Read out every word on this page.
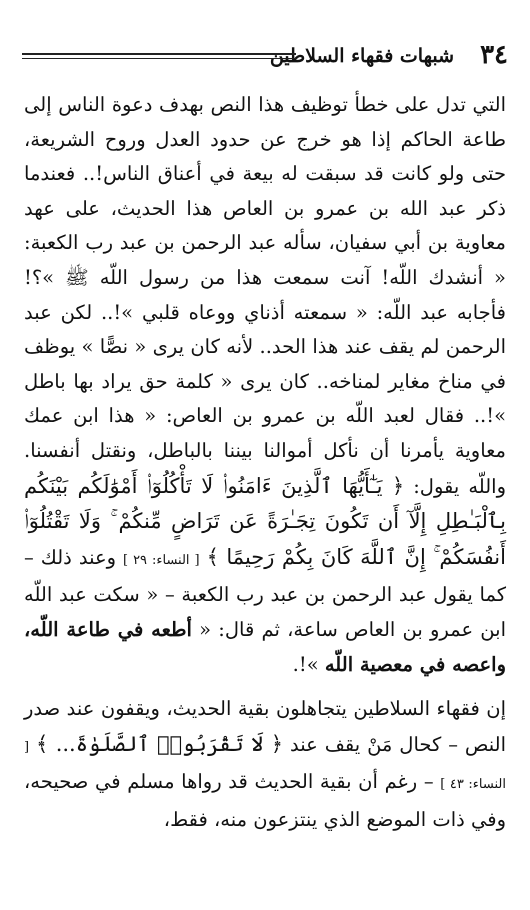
٣٤
شبهات فقهاء السلاطين

التي تدل على خطأ توظيف هذا النص بهدف دعوة الناس إلى طاعة الحاكم إذا هو خرج عن حدود العدل وروح الشريعة، حتى ولو كانت قد سبقت له بيعة في أعناق الناس!.. فعندما ذكر عبد الله بن عمرو بن العاص هذا الحديث، على عهد معاوية بن أبي سفيان، سأله عبد الرحمن بن عبد رب الكعبة: « أنشدك اللّه! آنت سمعت هذا من رسول اللّه ﷺ »؟! فأجابه عبد اللّه: « سمعته أذناي ووعاه قلبي »!.. لكن عبد الرحمن لم يقف عند هذا الحد.. لأنه كان يرى « نصًّا » يوظف في مناخ مغاير لمناخه.. كان يرى « كلمة حق يراد بها باطل »!.. فقال لعبد اللّه بن عمرو بن العاص: « هذا ابن عمك معاوية يأمرنا أن نأكل أموالنا بيننا بالباطل، ونقتل أنفسنا. واللّه يقول: ﴿ يَـٰٓأَيُّهَا ٱلَّذِينَ ءَامَنُوا۟ لَا تَأْكُلُوٓا۟ أَمْوَٰلَكُم بَيْنَكُم بِٱلْبَـٰطِلِ إِلَّآ أَن تَكُونَ تِجَـٰرَةً عَن تَرَاضٍ مِّنكُمْ ۚ وَلَا تَقْتُلُوٓا۟ أَنفُسَكُمْ ۚ إِنَّ ٱللَّهَ كَانَ بِكُمْ رَحِيمًا ﴾ [ النساء: ٢٩ ] وعند ذلك – كما يقول عبد الرحمن بن عبد رب الكعبة – « سكت عبد اللّه ابن عمرو بن العاص ساعة، ثم قال: « أطعه في طاعة اللّه، واعصه في معصية اللّه »!.

إن فقهاء السلاطين يتجاهلون بقية الحديث، ويقفون عند صدر النص – كحال مَنْ يقف عند ﴿ لَا تَقْرَبُوا۟ ٱلصَّلَوٰةَ... ﴾ [ النساء: ٤٣ ] – رغم أن بقية الحديث قد رواها مسلم في صحيحه، وفي ذات الموضع الذي ينتزعون منه، فقط،
